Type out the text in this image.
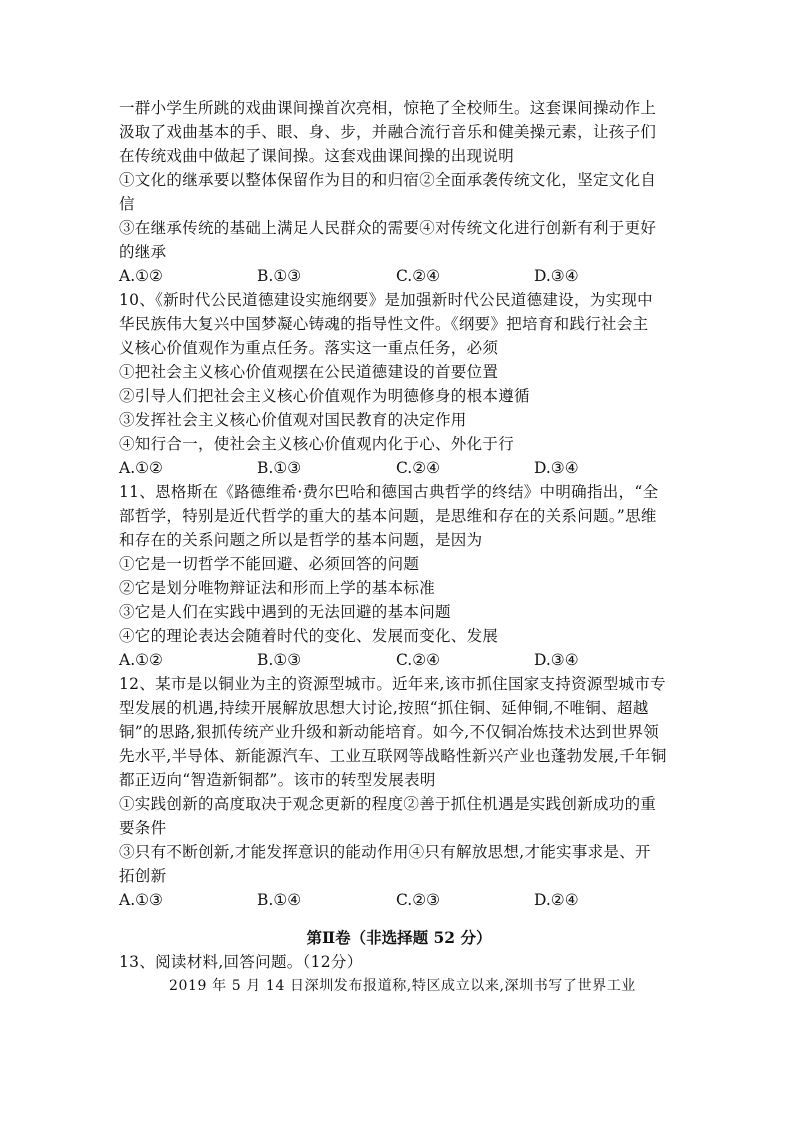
一群小学生所跳的戏曲课间操首次亮相，惊艳了全校师生。这套课间操动作上
汲取了戏曲基本的手、眼、身、步，并融合流行音乐和健美操元素，让孩子们
在传统戏曲中做起了课间操。这套戏曲课间操的出现说明
①文化的继承要以整体保留作为目的和归宿②全面承袭传统文化，坚定文化自
信
③在继承传统的基础上满足人民群众的需要④对传统文化进行创新有利于更好
的继承
A.①②	B.①③	C.②④	D.③④
10、《新时代公民道德建设实施纲要》是加强新时代公民道德建设，为实现中
华民族伟大复兴中国梦凝心铸魂的指导性文件。《纲要》把培育和践行社会主
义核心价值观作为重点任务。落实这一重点任务，必须
①把社会主义核心价值观摆在公民道德建设的首要位置
②引导人们把社会主义核心价值观作为明德修身的根本遵循
③发挥社会主义核心价值观对国民教育的决定作用
④知行合一，使社会主义核心价值观内化于心、外化于行
A.①②	B.①③	C.②④	D.③④
11、恩格斯在《路德维希·费尔巴哈和德国古典哲学的终结》中明确指出，“全
部哲学，特别是近代哲学的重大的基本问题，是思维和存在的关系问题。”思维
和存在的关系问题之所以是哲学的基本问题，是因为
①它是一切哲学不能回避、必须回答的问题
②它是划分唯物辩证法和形而上学的基本标准
③它是人们在实践中遇到的无法回避的基本问题
④它的理论表达会随着时代的变化、发展而变化、发展
A.①②	B.①③	C.②④	D.③④
12、某市是以铜业为主的资源型城市。近年来,该市抓住国家支持资源型城市专
型发展的机遇,持续开展解放思想大讨论,按照“抓住铜、延伸铜,不唯铜、超越
铜”的思路,狠抓传统产业升级和新动能培育。如今,不仅铜冶炼技术达到世界领
先水平,半导体、新能源汽车、工业互联网等战略性新兴产业也蓬勃发展,千年铜
都正迈向“智造新铜都”。该市的转型发展表明
①实践创新的高度取决于观念更新的程度②善于抓住机遇是实践创新成功的重
要条件
③只有不断创新,才能发挥意识的能动作用④只有解放思想,才能实事求是、开
拓创新
A.①③	B.①④	C.②③	D.②④
第Ⅱ卷（非选择题 52 分）
13、阅读材料,回答问题。（12分）
2019 年 5 月 14 日深圳发布报道称,特区成立以来,深圳书写了世界工业
